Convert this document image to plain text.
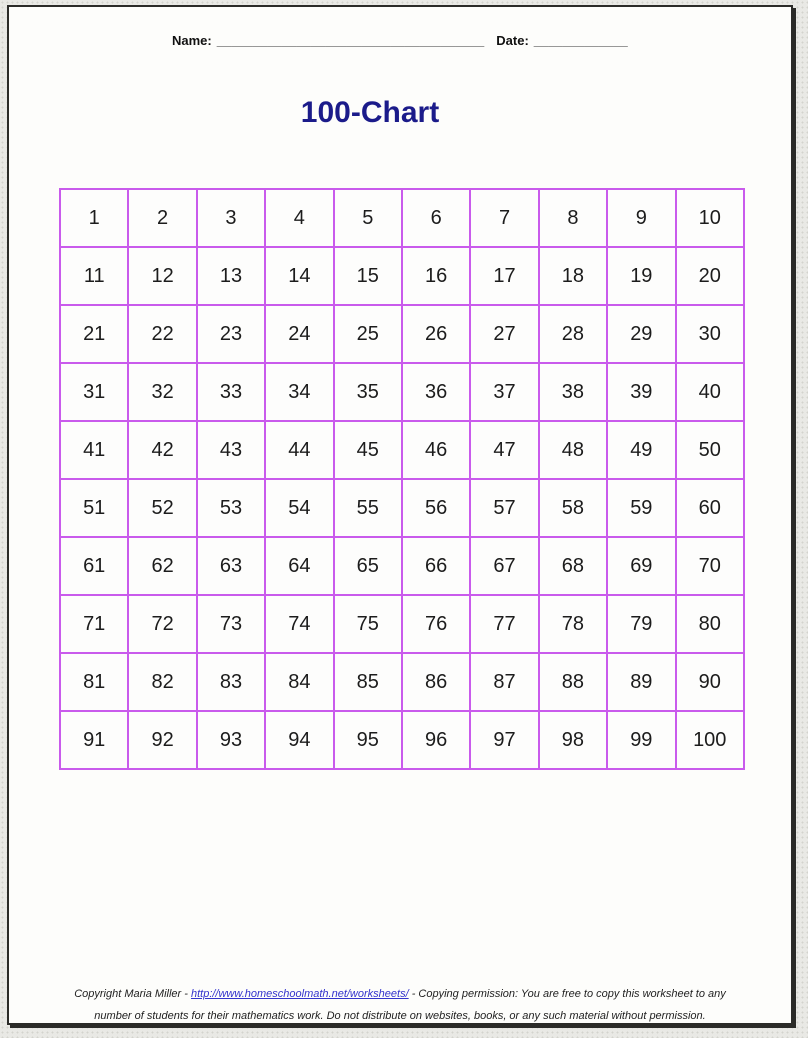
Name: _____________________________________ Date: _____________
100-Chart
1	2	3	4	5	6	7	8	9	10
11	12	13	14	15	16	17	18	19	20
21	22	23	24	25	26	27	28	29	30
31	32	33	34	35	36	37	38	39	40
41	42	43	44	45	46	47	48	49	50
51	52	53	54	55	56	57	58	59	60
61	62	63	64	65	66	67	68	69	70
71	72	73	74	75	76	77	78	79	80
81	82	83	84	85	86	87	88	89	90
91	92	93	94	95	96	97	98	99	100
Copyright Maria Miller - http://www.homeschoolmath.net/worksheets/ - Copying permission: You are free to copy this worksheet to any
number of students for their mathematics work. Do not distribute on websites, books, or any such material without permission.
